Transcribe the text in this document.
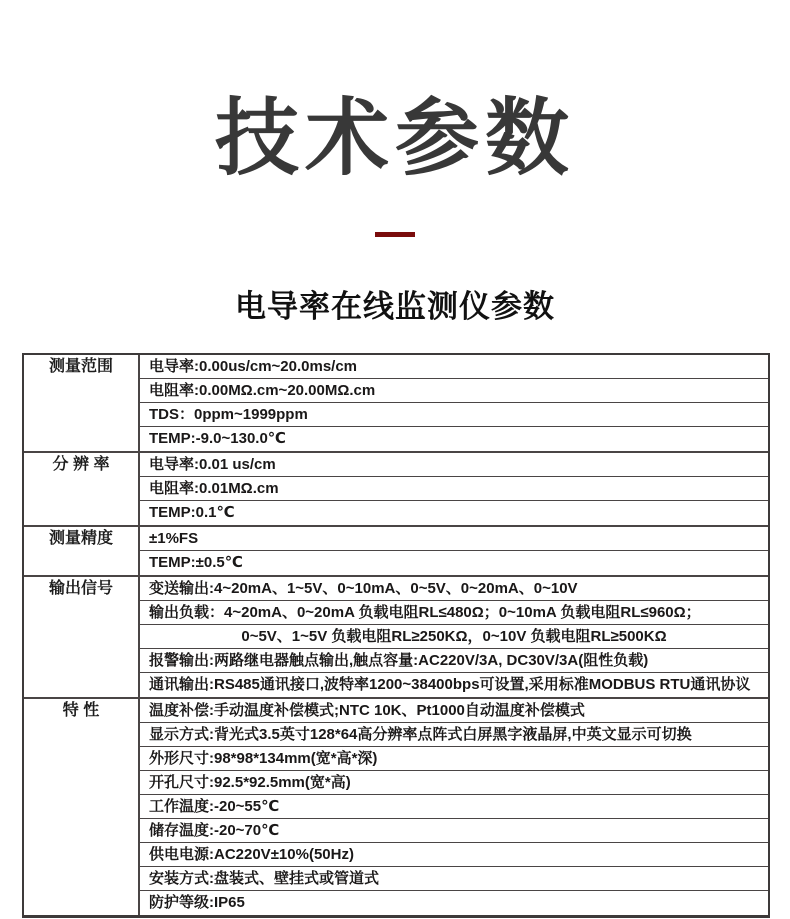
技术参数
电导率在线监测仪参数
测量范围	电导率:0.00us/cm~20.0ms/cm
电阻率:0.00MΩ.cm~20.00MΩ.cm
TDS：0ppm~1999ppm
TEMP:-9.0~130.0℃
分 辨 率	电导率:0.01 us/cm
电阻率:0.01MΩ.cm
TEMP:0.1℃
测量精度	±1%FS
TEMP:±0.5℃
输出信号	变送输出:4~20mA、1~5V、0~10mA、0~5V、0~20mA、0~10V
输出负载：4~20mA、0~20mA 负载电阻RL≤480Ω；0~10mA 负载电阻RL≤960Ω；
0~5V、1~5V 负载电阻RL≥250KΩ，0~10V 负载电阻RL≥500KΩ
报警输出:两路继电器触点输出,触点容量:AC220V/3A, DC30V/3A(阻性负载)
通讯输出:RS485通讯接口,波特率1200~38400bps可设置,采用标准MODBUS RTU通讯协议
特 性	温度补偿:手动温度补偿模式;NTC 10K、Pt1000自动温度补偿模式
显示方式:背光式3.5英寸128*64高分辨率点阵式白屏黑字液晶屏,中英文显示可切换
外形尺寸:98*98*134mm(宽*高*深)
开孔尺寸:92.5*92.5mm(宽*高)
工作温度:-20~55℃
储存温度:-20~70℃
供电电源:AC220V±10%(50Hz)
安装方式:盘装式、壁挂式或管道式
防护等级:IP65
